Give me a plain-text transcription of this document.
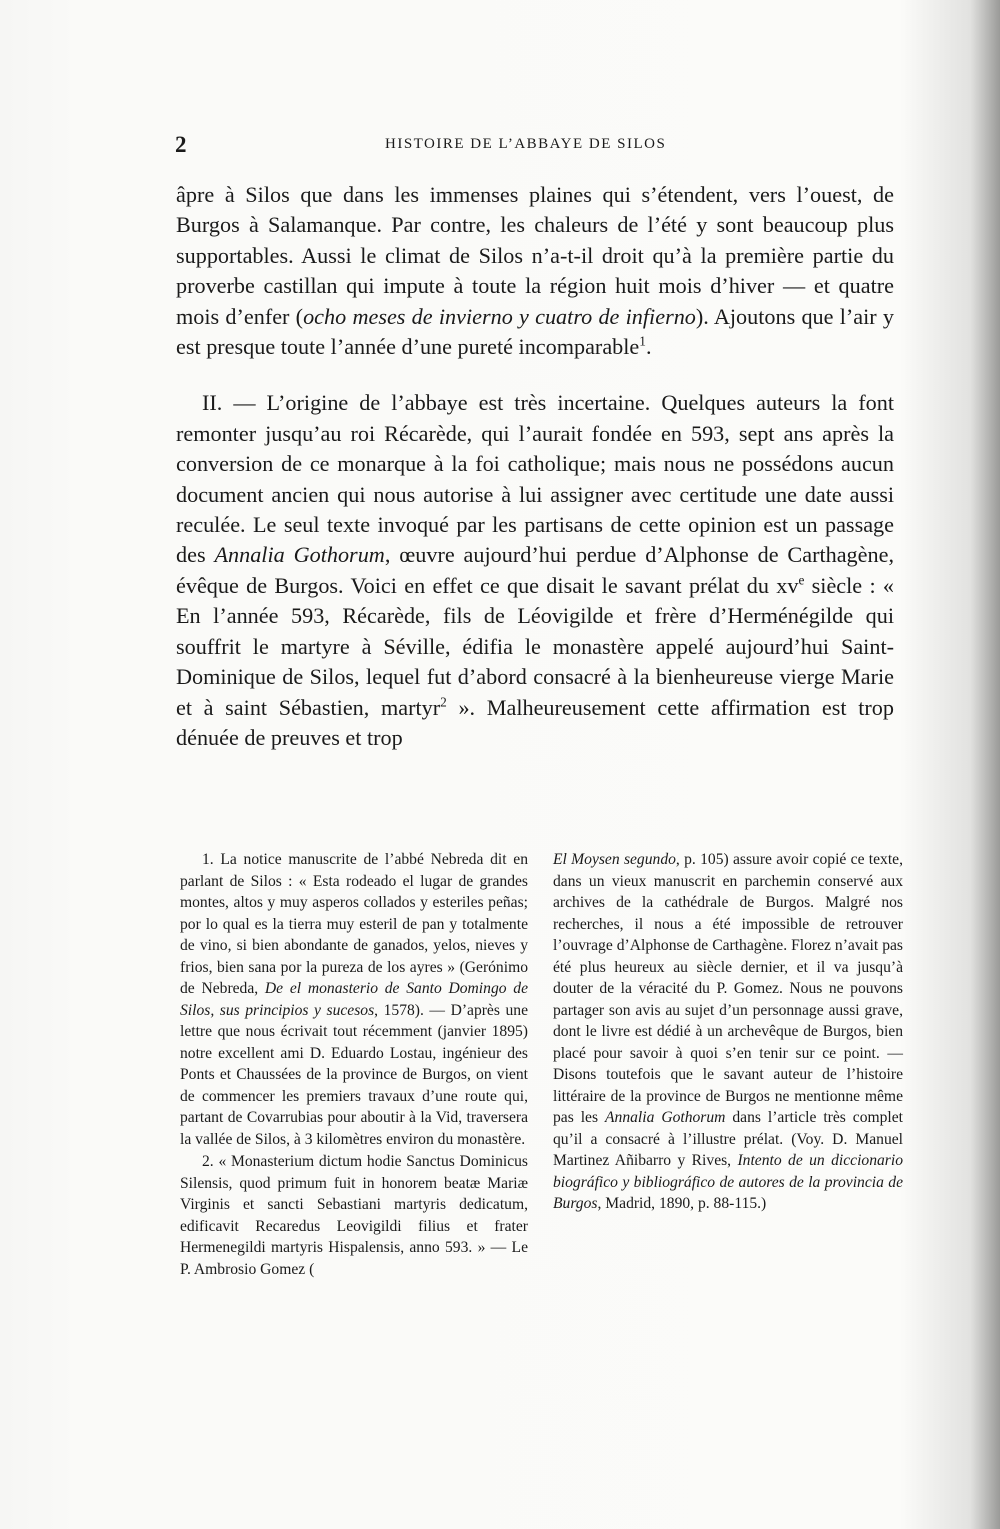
2	HISTOIRE DE L’ABBAYE DE SILOS

âpre à Silos que dans les immenses plaines qui s’étendent, vers l’ouest, de Burgos à Salamanque. Par contre, les chaleurs de l’été y sont beaucoup plus supportables. Aussi le climat de Silos n’a-t-il droit qu’à la première partie du proverbe castillan qui impute à toute la région huit mois d’hiver — et quatre mois d’enfer (ocho meses de invierno y cuatro de infierno). Ajoutons que l’air y est presque toute l’année d’une pureté incomparable$^1$.

II. — L’origine de l’abbaye est très incertaine. Quelques auteurs la font remonter jusqu’au roi Récarède, qui l’aurait fondée en 593, sept ans après la conversion de ce monarque à la foi catholique; mais nous ne possédons aucun document ancien qui nous autorise à lui assigner avec certitude une date aussi reculée. Le seul texte invoqué par les partisans de cette opinion est un passage des Annalia Gothorum, œuvre aujourd’hui perdue d’Alphonse de Carthagène, évêque de Burgos. Voici en effet ce que disait le savant prélat du $xv^e$ siècle : « En l’année 593, Récarède, fils de Léovigilde et frère d’Herménégilde qui souffrit le martyre à Séville, édifia le monastère appelé aujourd’hui Saint-Dominique de Silos, lequel fut d’abord consacré à la bienheureuse vierge Marie et à saint Sébastien, martyr$^2$ ». Malheureusement cette affirmation est trop dénuée de preuves et trop

1. La notice manuscrite de l’abbé Nebreda dit en parlant de Silos : « Esta rodeado el lugar de grandes montes, altos y muy asperos collados y esteriles peñas; por lo qual es la tierra muy esteril de pan y totalmente de vino, si bien abondante de ganados, yelos, nieves y frios, bien sana por la pureza de los ayres » (Gerónimo de Nebreda, De el monasterio de Santo Domingo de Silos, sus principios y sucesos, 1578). — D’après une lettre que nous écrivait tout récemment (janvier 1895) notre excellent ami D. Eduardo Lostau, ingénieur des Ponts et Chaussées de la province de Burgos, on vient de commencer les premiers travaux d’une route qui, partant de Covarrubias pour aboutir à la Vid, traversera la vallée de Silos, à 3 kilomètres environ du monastère.

2. « Monasterium dictum hodie Sanctus Dominicus Silensis, quod primum fuit in honorem beatæ Mariæ Virginis et sancti Sebastiani martyris dedicatum, edificavit Recaredus Leovigildi filius et frater Hermenegildi martyris Hispalensis, anno 593. » — Le P. Ambrosio Gomez (

El Moysen segundo, p. 105) assure avoir copié ce texte, dans un vieux manuscrit en parchemin conservé aux archives de la cathédrale de Burgos. Malgré nos recherches, il nous a été impossible de retrouver l’ouvrage d’Alphonse de Carthagène. Florez n’avait pas été plus heureux au siècle dernier, et il va jusqu’à douter de la véracité du P. Gomez. Nous ne pouvons partager son avis au sujet d’un personnage aussi grave, dont le livre est dédié à un archevêque de Burgos, bien placé pour savoir à quoi s’en tenir sur ce point. — Disons toutefois que le savant auteur de l’histoire littéraire de la province de Burgos ne mentionne même pas les Annalia Gothorum dans l’article très complet qu’il a consacré à l’illustre prélat. (Voy. D. Manuel Martinez Añibarro y Rives, Intento de un diccionario biográfico y bibliográfico de autores de la provincia de Burgos, Madrid, 1890, p. 88-115.)
